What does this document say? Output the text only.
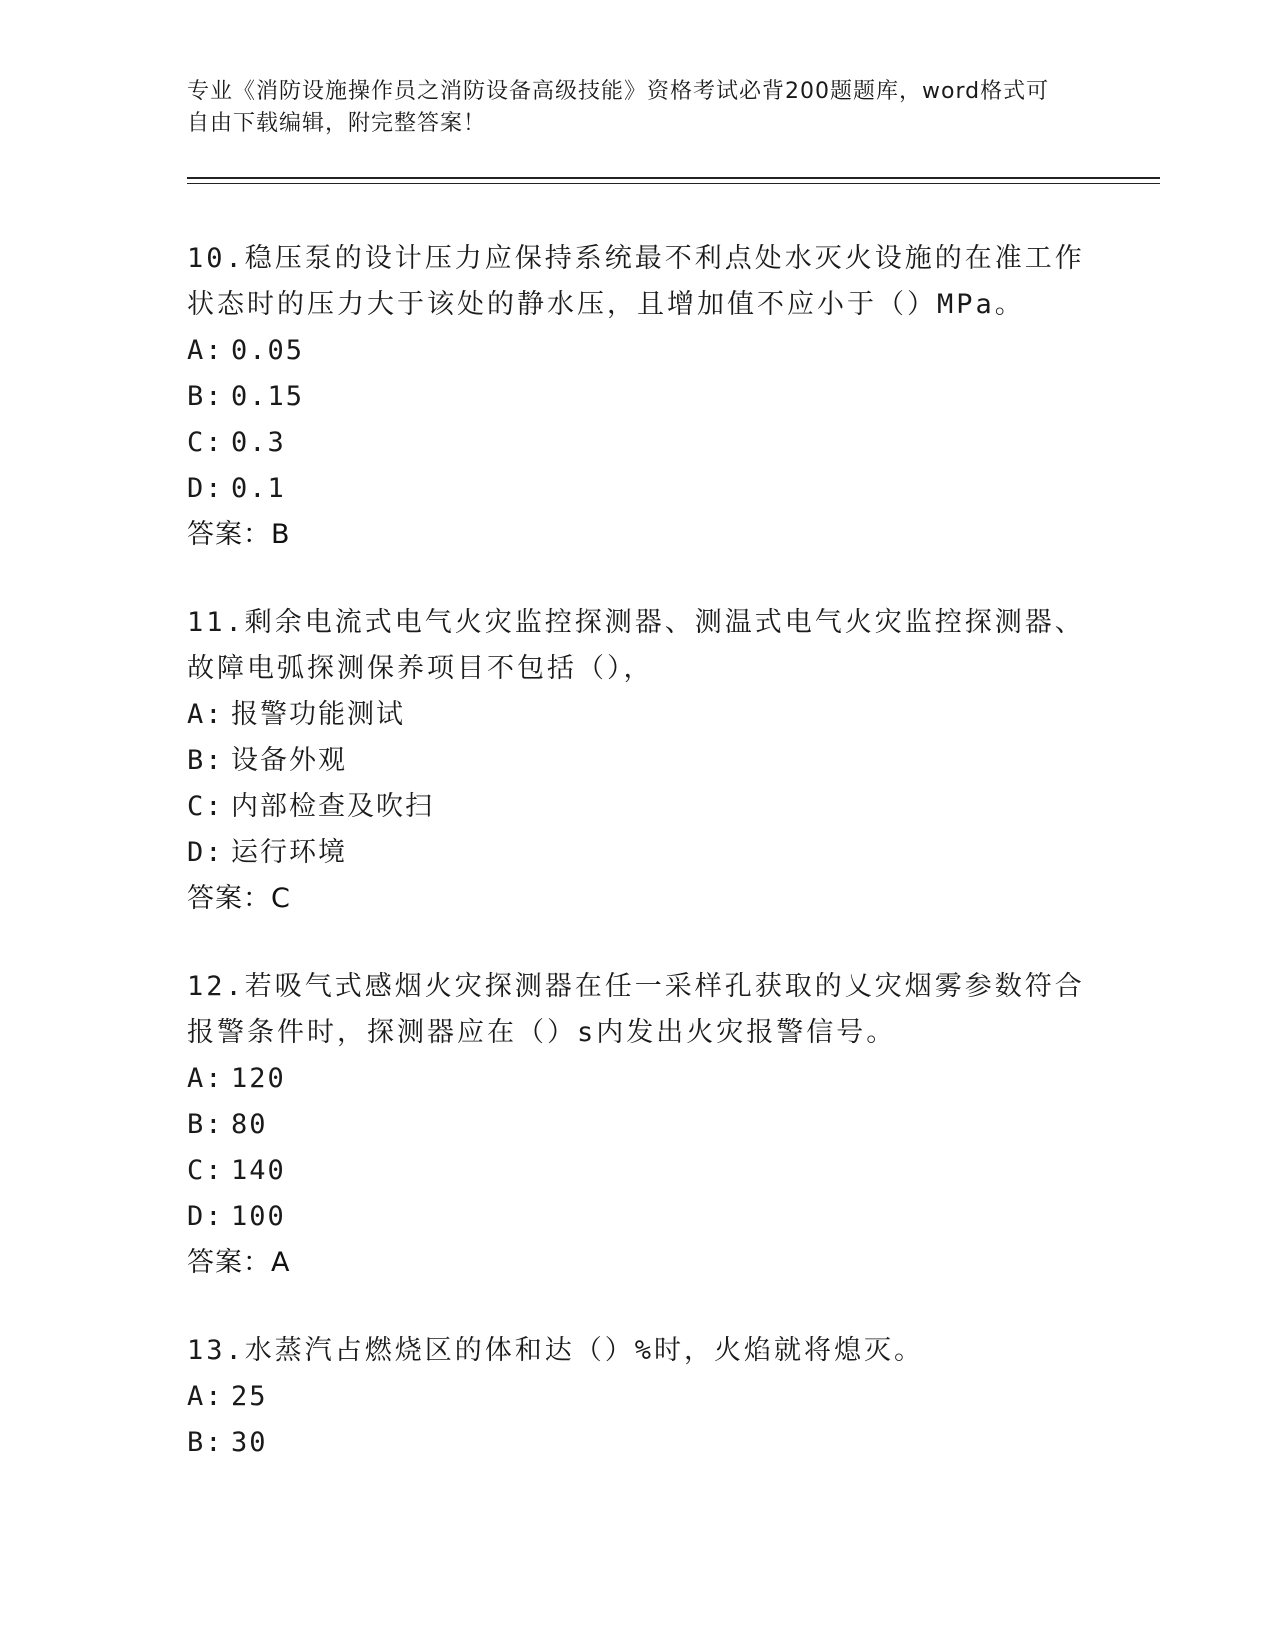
专业《消防设施操作员之消防设备高级技能》资格考试必背200题题库，word格式可自由下载编辑，附完整答案！

10.稳压泵的设计压力应保持系统最不利点处水灭火设施的在准工作状态时的压力大于该处的静水压，且增加值不应小于（）MPa。

A: 0.05
B: 0.15
C: 0.3
D: 0.1
答案：B

11.剩余电流式电气火灾监控探测器、测温式电气火灾监控探测器、故障电弧探测保养项目不包括（），

A: 报警功能测试
B: 设备外观
C: 内部检查及吹扫
D: 运行环境
答案：C

12.若吸气式感烟火灾探测器在任一采样孔获取的乂灾烟雾参数符合报警条件时，探测器应在（）s内发出火灾报警信号。

A: 120
B: 80
C: 140
D: 100
答案：A

13.水蒸汽占燃烧区的体和达（）%时，火焰就将熄灭。

A: 25
B: 30
